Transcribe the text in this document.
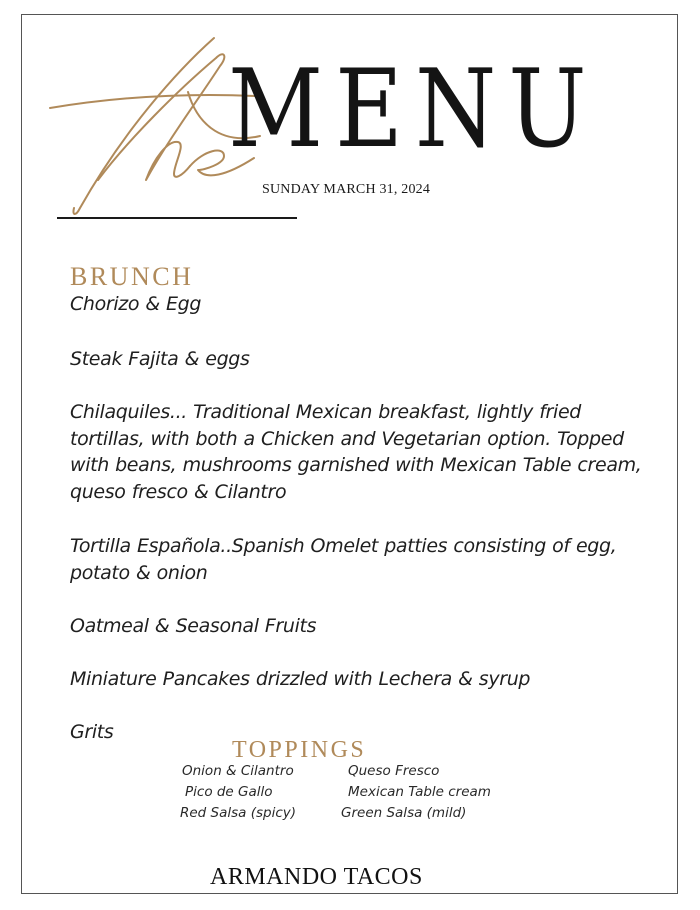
MENU
SUNDAY MARCH 31, 2024
BRUNCH
Chorizo & Egg
Steak Fajita & eggs
Chilaquiles... Traditional Mexican breakfast, lightly fried tortillas, with both a Chicken and Vegetarian option. Topped with beans, mushrooms garnished with Mexican Table cream, queso fresco & Cilantro
Tortilla Española..Spanish Omelet patties consisting of egg, potato & onion
Oatmeal & Seasonal Fruits
Miniature Pancakes drizzled with Lechera & syrup
Grits
TOPPINGS
Onion & Cilantro
Pico de Gallo
Red Salsa (spicy)
Queso Fresco
Mexican Table cream
Green Salsa (mild)
ARMANDO TACOS
